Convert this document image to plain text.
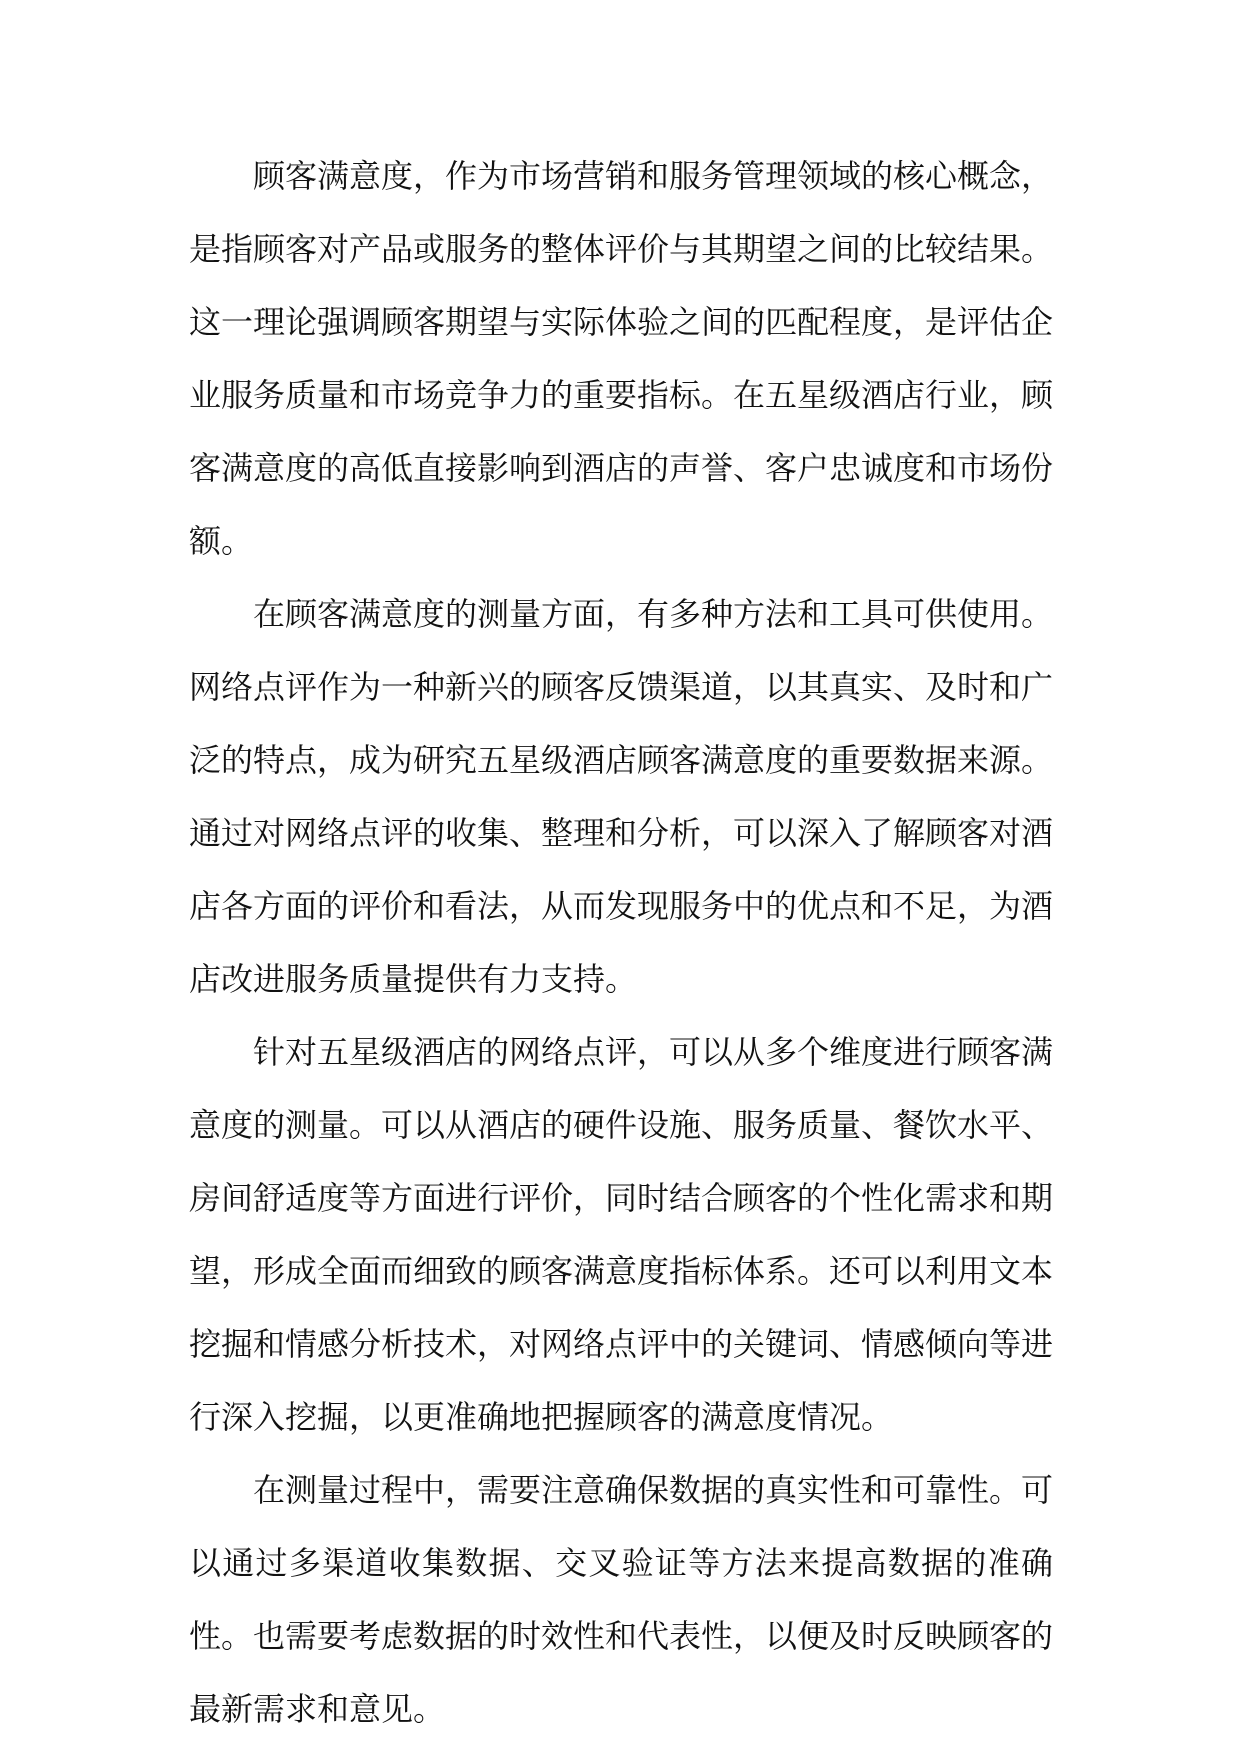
顾客满意度，作为市场营销和服务管理领域的核心概念，是指顾客对产品或服务的整体评价与其期望之间的比较结果。这一理论强调顾客期望与实际体验之间的匹配程度，是评估企业服务质量和市场竞争力的重要指标。在五星级酒店行业，顾客满意度的高低直接影响到酒店的声誉、客户忠诚度和市场份额。

在顾客满意度的测量方面，有多种方法和工具可供使用。网络点评作为一种新兴的顾客反馈渠道，以其真实、及时和广泛的特点，成为研究五星级酒店顾客满意度的重要数据来源。通过对网络点评的收集、整理和分析，可以深入了解顾客对酒店各方面的评价和看法，从而发现服务中的优点和不足，为酒店改进服务质量提供有力支持。

针对五星级酒店的网络点评，可以从多个维度进行顾客满意度的测量。可以从酒店的硬件设施、服务质量、餐饮水平、房间舒适度等方面进行评价，同时结合顾客的个性化需求和期望，形成全面而细致的顾客满意度指标体系。还可以利用文本挖掘和情感分析技术，对网络点评中的关键词、情感倾向等进行深入挖掘，以更准确地把握顾客的满意度情况。

在测量过程中，需要注意确保数据的真实性和可靠性。可以通过多渠道收集数据、交叉验证等方法来提高数据的准确性。也需要考虑数据的时效性和代表性，以便及时反映顾客的最新需求和意见。
